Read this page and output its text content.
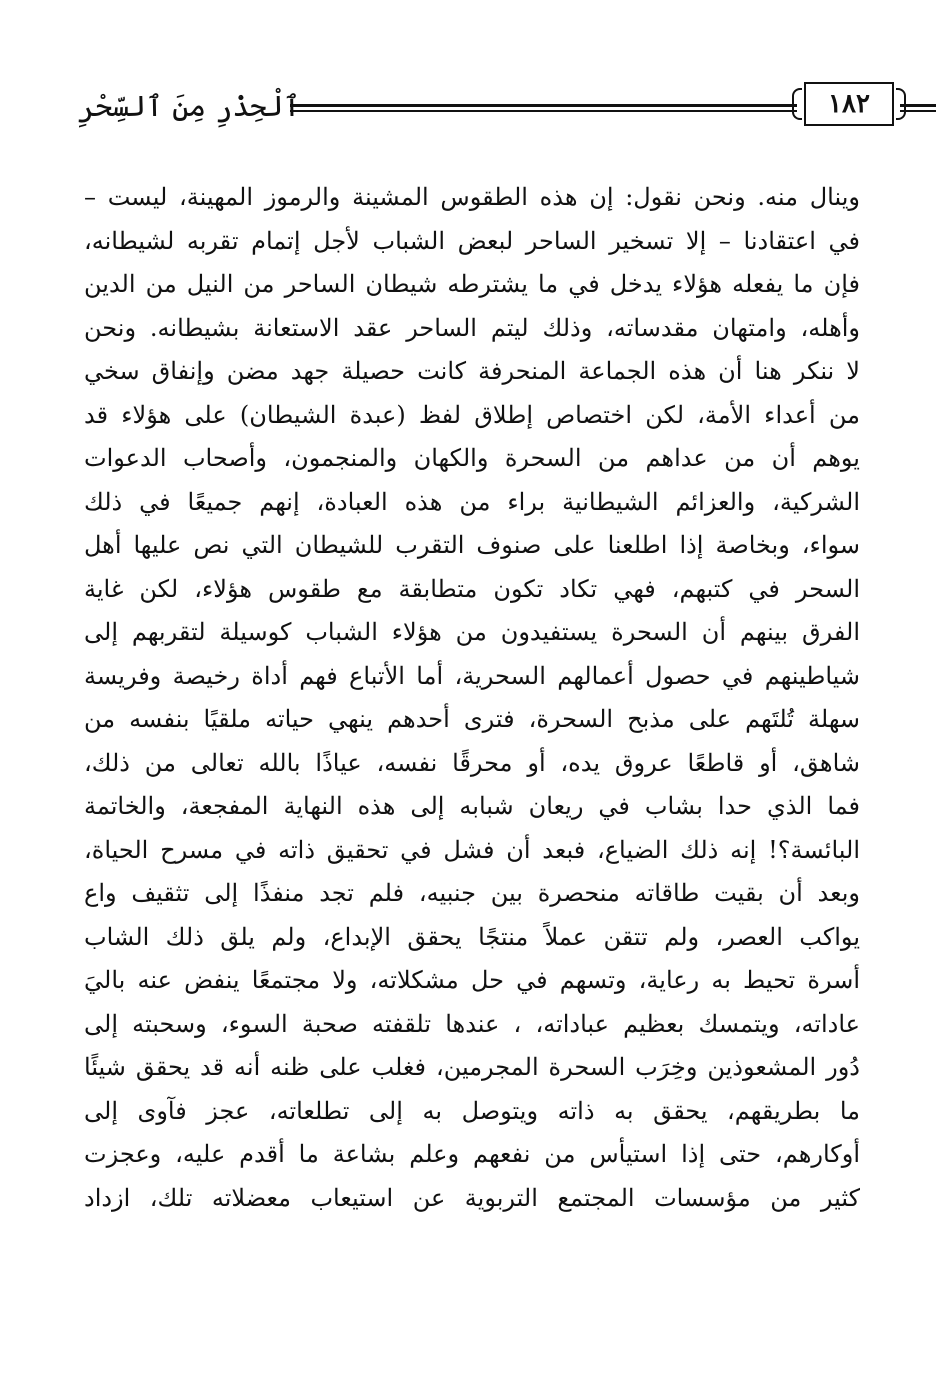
ٱلْحِذْرِ مِنَ ٱلسِّحْرِ	١٨٢
وينال منه. ونحن نقول: إن هذه الطقوس المشينة والرموز المهينة، ليست –
في اعتقادنا – إلا تسخير الساحر لبعض الشباب لأجل إتمام تقربه لشيطانه،
فإن ما يفعله هؤلاء يدخل في ما يشترطه شيطان الساحر من النيل من الدين
وأهله، وامتهان مقدساته، وذلك ليتم الساحر عقد الاستعانة بشيطانه. ونحن
لا ننكر هنا أن هذه الجماعة المنحرفة كانت حصيلة جهد مضن وإنفاق سخي
من أعداء الأمة، لكن اختصاص إطلاق لفظ (عبدة الشيطان) على هؤلاء قد
يوهم أن من عداهم من السحرة والكهان والمنجمون، وأصحاب الدعوات
الشركية، والعزائم الشيطانية براء من هذه العبادة، إنهم جميعًا في ذلك
سواء، وبخاصة إذا اطلعنا على صنوف التقرب للشيطان التي نص عليها أهل
السحر في كتبهم، فهي تكاد تكون متطابقة مع طقوس هؤلاء، لكن غاية
الفرق بينهم أن السحرة يستفيدون من هؤلاء الشباب كوسيلة لتقربهم إلى
شياطينهم في حصول أعمالهم السحرية، أما الأتباع فهم أداة رخيصة وفريسة
سهلة تُلتَهم على مذبح السحرة، فترى أحدهم ينهي حياته ملقيًا بنفسه من
شاهق، أو قاطعًا عروق يده، أو محرقًا نفسه، عياذًا بالله تعالى من ذلك،
فما الذي حدا بشاب في ريعان شبابه إلى هذه النهاية المفجعة، والخاتمة
البائسة؟! إنه ذلك الضياع، فبعد أن فشل في تحقيق ذاته في مسرح الحياة،
وبعد أن بقيت طاقاته منحصرة بين جنبيه، فلم تجد منفذًا إلى تثقيف واع
يواكب العصر، ولم تتقن عملاً منتجًا يحقق الإبداع، ولم يلق ذلك الشاب
أسرة تحيط به رعاية، وتسهم في حل مشكلاته، ولا مجتمعًا ينفض عنه باليَ
عاداته، ويتمسك بعظيم عباداته، ، عندها تلقفته صحبة السوء، وسحبته إلى
دُور المشعوذين وخِرَب السحرة المجرمين، فغلب على ظنه أنه قد يحقق شيئًا
ما بطريقهم، يحقق به ذاته ويتوصل به إلى تطلعاته، عجز فآوى إلى
أوكارهم، حتى إذا استيأس من نفعهم وعلم بشاعة ما أقدم عليه، وعجزت
كثير من مؤسسات المجتمع التربوية عن استيعاب معضلاته تلك، ازداد
